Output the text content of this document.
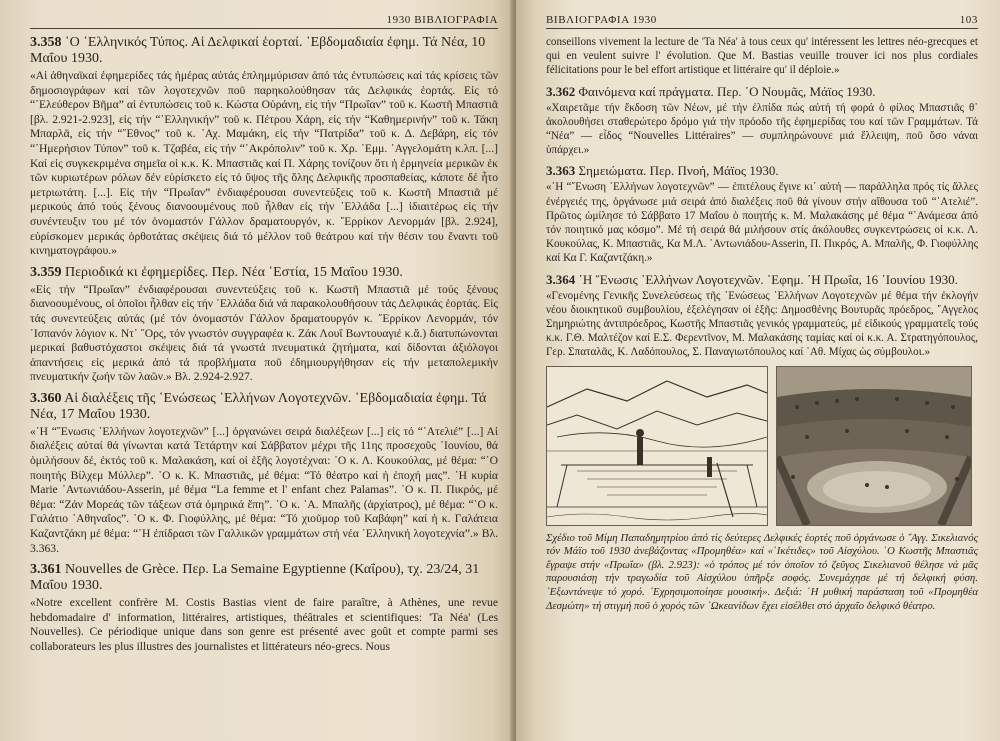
1930 ΒΙΒΛΙΟΓΡΑΦΙΑ

3.358 ῾Ο ῾Ελληνικός Τύπος. Αἱ Δελφικαί ἑορταί. ῾Εβδομαδιαία ἐφημ. Τά Νέα, 10 Μαΐου 1930.

«Αἱ ἀθηναϊκαί ἐφημερίδες τάς ἡμέρας αὐτάς ἐπλημμύρισαν ἀπό τάς ἐντυπώσεις καί τάς κρίσεις τῶν δημοσιογράφων καί τῶν λογοτεχνῶν ποῦ παρηκολούθησαν τάς Δελφικάς ἑορτάς. Εἰς τό “῾Ελεύθερον Βῆμα” αἱ ἐντυπώσεις τοῦ κ. Κώστα Οὐράνη, εἰς τήν “Πρωΐαν” τοῦ κ. Κωστῆ Μπαστιᾶ [βλ. 2.921-2.923], εἰς τήν “῾Ελληνικήν” τοῦ κ. Πέτρου Χάρη, εἰς τήν “Καθημερινήν” τοῦ κ. Τάκη Μπαρλᾶ, εἰς τήν “῎Εθνος” τοῦ κ. ᾽Αχ. Μαμάκη, εἰς τήν “Πατρίδα” τοῦ κ. Δ. Δεβάρη, εἰς τόν “῾Ημερήσιον Τύπον” τοῦ κ. Τζαβέα, εἰς τήν “᾽Ακρόπολιν” τοῦ κ. Χρ. ᾽Εμμ. ᾽Αγγελομάτη κ.λπ. [...] Καί εἰς συγκεκριμένα σημεῖα οἱ κ.κ. Κ. Μπαστιᾶς καί Π. Χάρης τονίζουν ὅτι ἡ ἑρμηνεία μερικῶν ἐκ τῶν κυριωτέρων ρόλων δέν εὑρίσκετο εἰς τό ὕψος τῆς ὅλης Δελφικῆς προσπαθείας, κάποτε δέ ἦτο μετριωτάτη. [...]. Εἰς τήν “Πρωΐαν” ἐνδιαφέρουσαι συνεντεύξεις τοῦ κ. Κωστῆ Μπαστιᾶ μέ μερικούς ἀπό τούς ξένους διανοουμένους ποῦ ἦλθαν εἰς τήν ῾Ελλάδα [...] ἰδιαιτέρως εἰς τήν συνέντευξιν του μέ τόν ὀνομαστόν Γάλλον δραματουργόν, κ. ῎Ερρίκον Λενορμάν [βλ. 2.924], εὑρίσκομεν μερικάς ὀρθοτάτας σκέψεις διά τό μέλλον τοῦ θεάτρου καί τήν θέσιν του ἔναντι τοῦ κινηματογράφου.»

3.359 Περιοδικά κι ἐφημερίδες. Περ. Νέα ῾Εστία, 15 Μαΐου 1930.

«Εἰς τήν “Πρωΐαν” ἐνδιαφέρουσαι συνεντεύξεις τοῦ κ. Κωστῆ Μπαστιᾶ μέ τούς ξένους διανοουμένους, οἱ ὁποῖοι ἦλθαν εἰς τήν ῾Ελλάδα διά νά παρακολουθήσουν τάς Δελφικάς ἑορτάς. Εἰς τάς συνεντεύξεις αὐτάς (μέ τόν ὀνομαστόν Γάλλον δραματουργόν κ. ῎Ερρίκον Λενορμάν, τόν ῾Ισπανόν λόγιον κ. Ντ᾽ ῞Ορς, τόν γνωστόν συγγραφέα κ. Ζάκ Λουΐ Βωντουαγιέ κ.ἄ.) διατυπώνονται μερικαί βαθυστόχαστοι σκέψεις διά τά γνωστά πνευματικά ζητήματα, καί δίδονται ἀξιόλογοι ἀπαντήσεις εἰς μερικά ἀπό τά προβλήματα ποῦ ἐδημιουργήθησαν εἰς τήν μεταπολεμικήν πνευματικήν ζωήν τῶν λαῶν.» Βλ. 2.924-2.927.

3.360 Αἱ διαλέξεις τῆς ῾Ενώσεως ῾Ελλήνων Λογοτεχνῶν. ῾Εβδομαδιαία ἐφημ. Τά Νέα, 17 Μαΐου 1930.

«῾Η “῞Ενωσις ῾Ελλήνων λογοτεχνῶν” [...] ὀργανώνει σειρά διαλέξεων [...] εἰς τό “᾽Ατελιέ” [...] Αἱ διαλέξεις αὐταί θά γίνωνται κατά Τετάρτην καί Σάββατον μέχρι τῆς 11ης προσεχοῦς ᾽Ιουνίου, θά ὁμιλήσουν δέ, ἐκτός τοῦ κ. Μαλακάση, καί οἱ ἑξῆς λογοτέχναι: ῾Ο κ. Λ. Κουκούλας, μέ θέμα: “῾Ο ποιητής Βίλχεμ Μύλλερ”. ῾Ο κ. Κ. Μπαστιᾶς, μέ θέμα: “Τό θέατρο καί ἡ ἐποχή μας”. ῾Η κυρία Marie ᾽Αντωνιάδου-Asserin, μέ θέμα “La femme et l' enfant chez Palamas”. ῾Ο κ. Π. Πικρός, μέ θέμα: “Ζάν Μορεάς τῶν τάξεων στά ὁμηρικά ἔπη”. ῾Ο κ. ᾽Α. Μπαλῆς (ἀρχίατρος), μέ θέμα: “῾Ο κ. Γαλάτιο ᾽Αθηναΐος”. ῾Ο κ. Φ. Γιοφύλλης, μέ θέμα: “Τό χιοῦμορ τοῦ Καβάφη” καί ἡ κ. Γαλάτεια Καζαντζάκη μέ θέμα: “῾Η ἐπίδρασι τῶν Γαλλικῶν γραμμάτων στή νέα ῾Ελληνική λογοτεχνία”.» Βλ. 3.363.

3.361 Nouvelles de Grèce. Περ. La Semaine Egyptienne (Καΐρου), τχ. 23/24, 31 Μαΐου 1930.

«Notre excellent confrère M. Costis Bastias vient de faire paraître, à Athènes, une revue hebdomadaire d' information, littéraires, artistiques, théâtrales et scientifiques: 'Ta Néa' (Les Nouvelles). Ce périodique unique dans son genre est présenté avec goût et compte parmi ses collaborateurs les plus illustres des journalistes et littérateurs néo-grecs. Nous

ΒΙΒΛΙΟΓΡΑΦΙΑ 1930	103

conseillons vivement la lecture de 'Ta Néa' à tous ceux qu' intéressent les lettres néo-grecques et qui en veulent suivre l' évolution. Que M. Bastias veuille trouver ici nos plus cordiales félicitations pour le bel effort artistique et littéraire qu' il déploie.»

3.362 Φαινόμενα καί πράγματα. Περ. ῾Ο Νουμᾶς, Μάϊος 1930.

«Χαιρετᾶμε τήν ἔκδοση τῶν Νέων, μέ τήν ἐλπίδα πώς αὐτή τή φορά ὁ φίλος Μπαστιᾶς θ᾽ ἀκολουθήσει σταθερώτερο δρόμο γιά τήν πρόοδο τῆς ἐφημερίδας του καί τῶν Γραμμάτων. Τά “Νέα” — εἶδος “Nouvelles Littéraires” — συμπληρώνουνε μιά ἔλλειψη, ποῦ ὅσο νάναι ὑπάρχει.»

3.363 Σημειώματα. Περ. Πνοή, Μάϊος 1930.

«῾Η “῞Ενωση ῾Ελλήνων λογοτεχνῶν” — ἐπιτέλους ἔγινε κι᾽ αὐτή — παράλληλα πρός τίς ἄλλες ἐνέργειές της, ὀργάνωσε μιά σειρά ἀπό διαλέξεις ποῦ θά γίνουν στήν αἴθουσα τοῦ “᾽Ατελιέ”. Πρῶτος ὡμίλησε τό Σάββατο 17 Μαΐου ὁ ποιητής κ. Μ. Μαλακάσης μέ θέμα “῾Ανάμεσα ἀπό τόν ποιητικό μας κόσμο”. Μέ τή σειρά θά μιλήσουν στίς ἀκόλουθες συγκεντρώσεις οἱ κ.κ. Λ. Κουκούλας, Κ. Μπαστιᾶς, Κα Μ.Λ. ᾽Αντωνιάδου-Asserin, Π. Πικρός, Α. Μπαλῆς, Φ. Γιοφύλλης καί Κα Γ. Καζαντζάκη.»

3.364 ῾Η ῞Ενωσις ῾Ελλήνων Λογοτεχνῶν. ᾽Εφημ. ῾Η Πρωΐα, 16 ᾽Ιουνίου 1930.

«Γενομένης Γενικῆς Συνελεύσεως τῆς ῾Ενώσεως ῾Ελλήνων Λογοτεχνῶν μέ θέμα τήν ἐκλογήν νέου διοικητικοῦ συμβουλίου, ἐξελέγησαν οἱ ἑξῆς: Δημοσθένης Βουτυρᾶς πρόεδρος, ῎Αγγελος Σημηριώτης ἀντιπρόεδρος, Κωστῆς Μπαστιᾶς γενικός γραμματεύς, μέ εἰδικούς γραμματεῖς τούς κ.κ. Γ.Θ. Μαλτέζον καί Ε.Σ. Φερεντῖνον, Μ. Μαλακάσης ταμίας καί οἱ κ.κ. Α. Στρατηγόπουλος, Γερ. Σπαταλᾶς, Κ. Λαδόπουλος, Σ. Παναγιωτόπουλος καί ᾽Αθ. Μίχας ὡς σύμβουλοι.»

Σχέδιο τοῦ Μίμη Παπαδημητρίου ἀπό τίς δεύτερες Δελφικές ἑορτές ποῦ ὀργάνωσε ὁ ῎Αγγ. Σικελιανός τόν Μάϊο τοῦ 1930 ἀνεβάζοντας «Προμηθέα» καί «῾Ικέτιδες» τοῦ Αἰσχύλου. ῾Ο Κωστῆς Μπαστιᾶς ἔγραψε στήν «Πρωΐα» (βλ. 2.923): «ὁ τρόπος μέ τόν ὁποῖον τό ζεῦγος Σικελιανοῦ θέλησε νά μᾶς παρουσιάσῃ τήν τραγωδία τοῦ Αἰσχύλου ὑπῆρξε σοφός. Συνεμάχησε μέ τή δελφική φύση. ᾽Εξωντάνεψε τό χορό. ᾽Εχρησιμοποίησε μουσική». Δεξιά: ῾Η μυθική παράσταση τοῦ «Προμηθέα Δεσμώτη» τή στιγμή ποῦ ὁ χορός τῶν ᾽Ωκεανίδων ἔχει εἰσέλθει στό ἀρχαῖο δελφικό θέατρο.
